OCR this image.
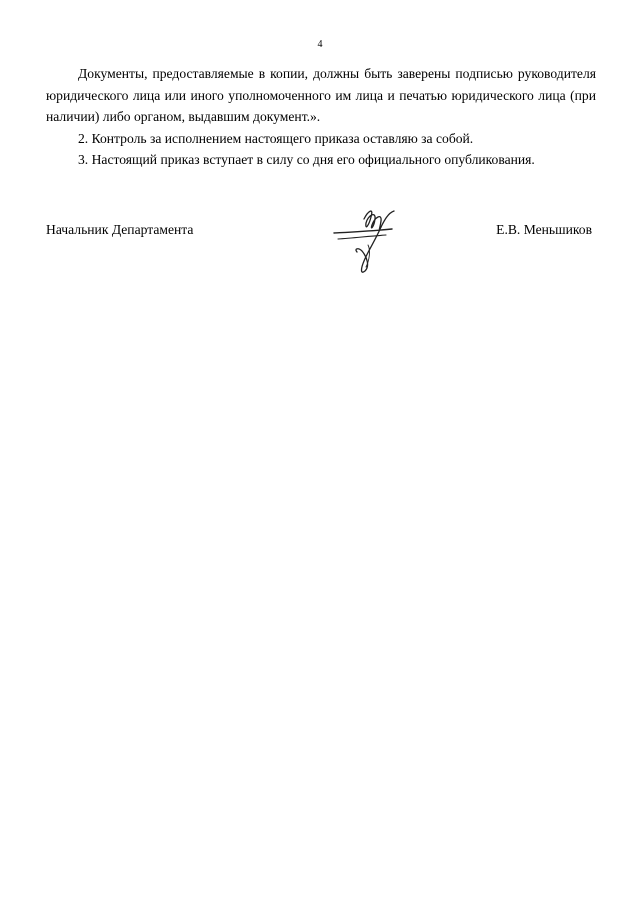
4

Документы, предоставляемые в копии, должны быть заверены подписью руководителя юридического лица или иного уполномоченного им лица и печатью юридического лица (при наличии) либо органом, выдавшим документ.».

2. Контроль за исполнением настоящего приказа оставляю за собой.

3. Настоящий приказ вступает в силу со дня его официального опубликования.

Начальник Департамента	Е.В. Меньшиков
